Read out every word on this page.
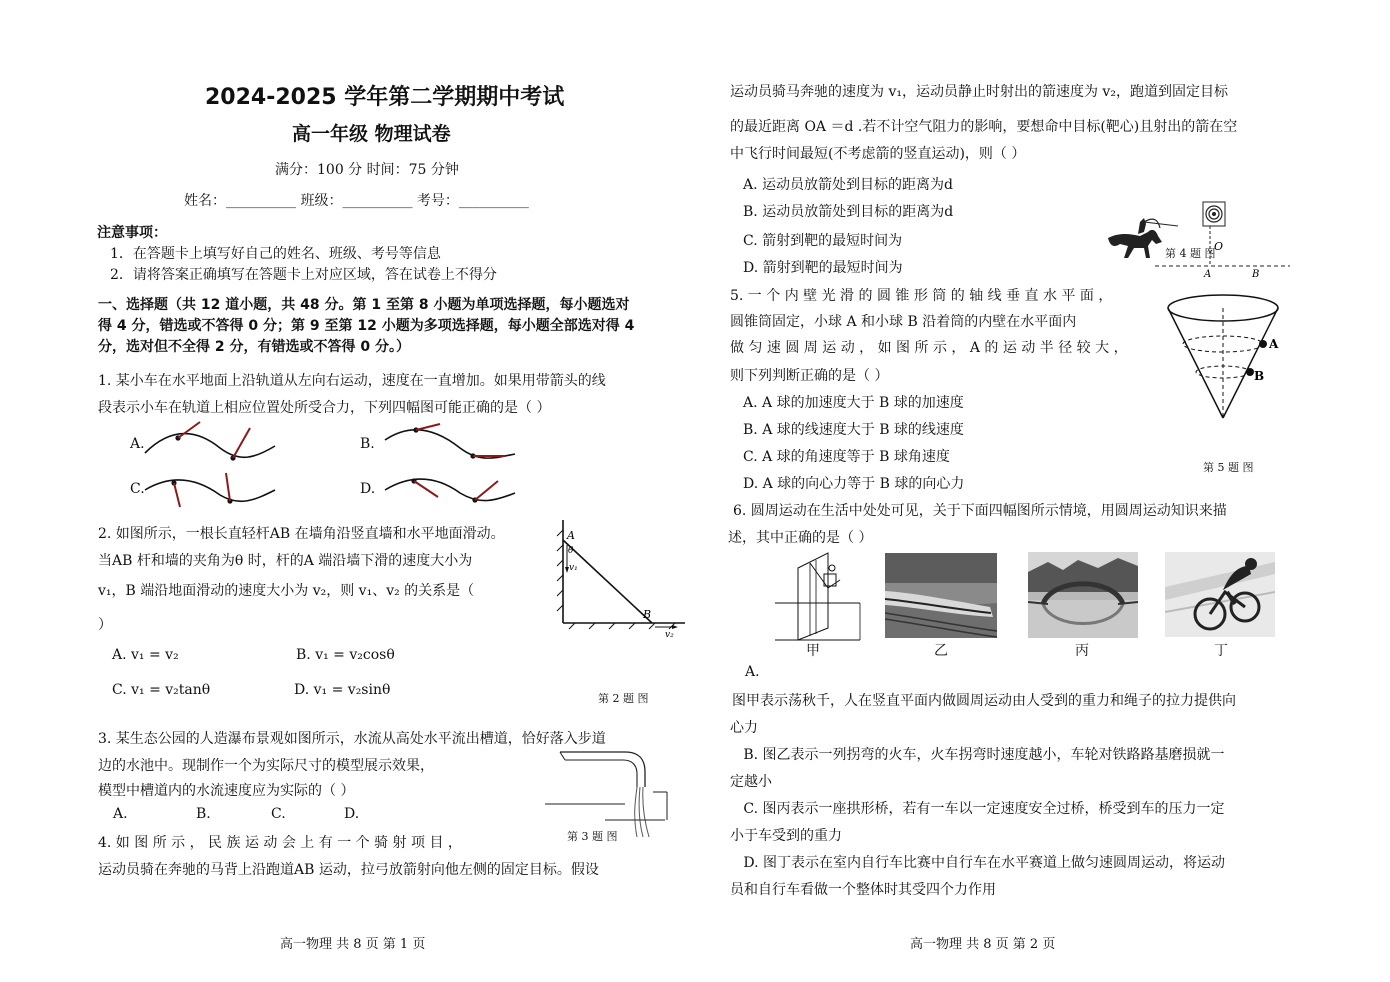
2024-2025 学年第二学期期中考试
高一年级 物理试卷
满分：100 分 时间：75 分钟
姓名：__________ 班级：__________ 考号：__________
注意事项：
1．在答题卡上填写好自己的姓名、班级、考号等信息
2．请将答案正确填写在答题卡上对应区域，答在试卷上不得分
一、选择题（共 12 道小题，共 48 分。第 1 至第 8 小题为单项选择题，每小题选对
得 4 分，错选或不答得 0 分；第 9 至第 12 小题为多项选择题，每小题全部选对得 4
分，选对但不全得 2 分，有错选或不答得 0 分。）
1. 某小车在水平地面上沿轨道从左向右运动，速度在一直增加。如果用带箭头的线
段表示小车在轨道上相应位置处所受合力，下列四幅图可能正确的是（ ）
A.	B.
C.	D.
2. 如图所示，一根长直轻杆AB 在墙角沿竖直墙和水平地面滑动。
当AB 杆和墙的夹角为θ 时，杆的A 端沿墙下滑的速度大小为
v₁，B 端沿地面滑动的速度大小为 v₂，则 v₁、v₂ 的关系是（
）
A. v₁ = v₂	B. v₁ = v₂cosθ
C. v₁ = v₂tanθ	D. v₁ = v₂sinθ
A
B
θ
v₁
v₂
第 2 题 图
3. 某生态公园的人造瀑布景观如图所示，水流从高处水平流出槽道，恰好落入步道
边的水池中。现制作一个为实际尺寸的模型展示效果，
模型中槽道内的水流速度应为实际的（ ）
A.	B.	C.	D.
第 3 题 图
4. 如 图 所 示 ， 民 族 运 动 会 上 有 一 个 骑 射 项 目 ，
运动员骑在奔驰的马背上沿跑道AB 运动，拉弓放箭射向他左侧的固定目标。假设
高一物理 共 8 页 第 1 页
运动员骑马奔驰的速度为 v₁，运动员静止时射出的箭速度为 v₂，跑道到固定目标
的最近距离 OA ＝d .若不计空气阻力的影响，要想命中目标(靶心)且射出的箭在空
中飞行时间最短(不考虑箭的竖直运动)，则（ ）
A. 运动员放箭处到目标的距离为d
B. 运动员放箭处到目标的距离为d
C. 箭射到靶的最短时间为
D. 箭射到靶的最短时间为
O
A	B
第 4 题 图
5. 一 个 内 壁 光 滑 的 圆 锥 形 筒 的 轴 线 垂 直 水 平 面 ，
圆锥筒固定，小球 A 和小球 B 沿着筒的内壁在水平面内
做 匀 速 圆 周 运 动 ， 如 图 所 示 ， A 的 运 动 半 径 较 大 ，
则下列判断正确的是（ ）
A. A 球的加速度大于 B 球的加速度
B. A 球的线速度大于 B 球的线速度
C. A 球的角速度等于 B 球角速度
D. A 球的向心力等于 B 球的向心力
A
B
第 5 题 图
6. 圆周运动在生活中处处可见，关于下面四幅图所示情境，用圆周运动知识来描
述，其中正确的是（ ）
甲	乙	丙	丁
A.
图甲表示荡秋千，人在竖直平面内做圆周运动由人受到的重力和绳子的拉力提供向
心力
B. 图乙表示一列拐弯的火车，火车拐弯时速度越小，车轮对铁路路基磨损就一
定越小
C. 图丙表示一座拱形桥，若有一车以一定速度安全过桥，桥受到车的压力一定
小于车受到的重力
D. 图丁表示在室内自行车比赛中自行车在水平赛道上做匀速圆周运动，将运动
员和自行车看做一个整体时其受四个力作用
高一物理 共 8 页 第 2 页
